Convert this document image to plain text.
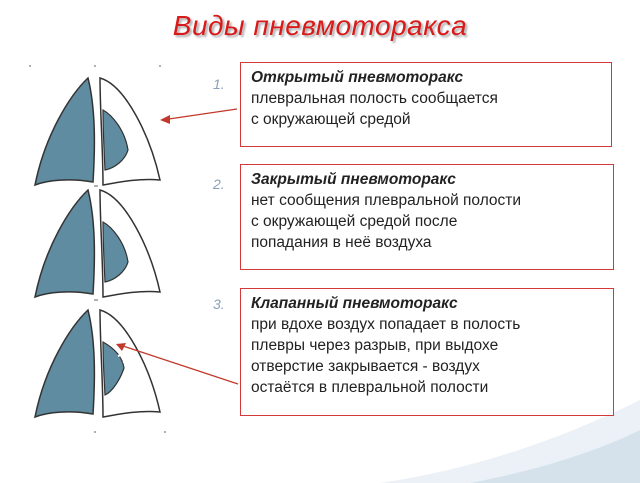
Виды пневмоторакса
1.
2.
3.
Открытый пневмоторакс
плевральная полость сообщается
с окружающей средой
Закрытый пневмоторакс
нет сообщения плевральной полости
с окружающей средой после
попадания в неё воздуха
Клапанный пневмоторакс
при вдохе воздух попадает в полость
плевры через разрыв, при выдохе
отверстие закрывается - воздух
остаётся в плевральной полости
